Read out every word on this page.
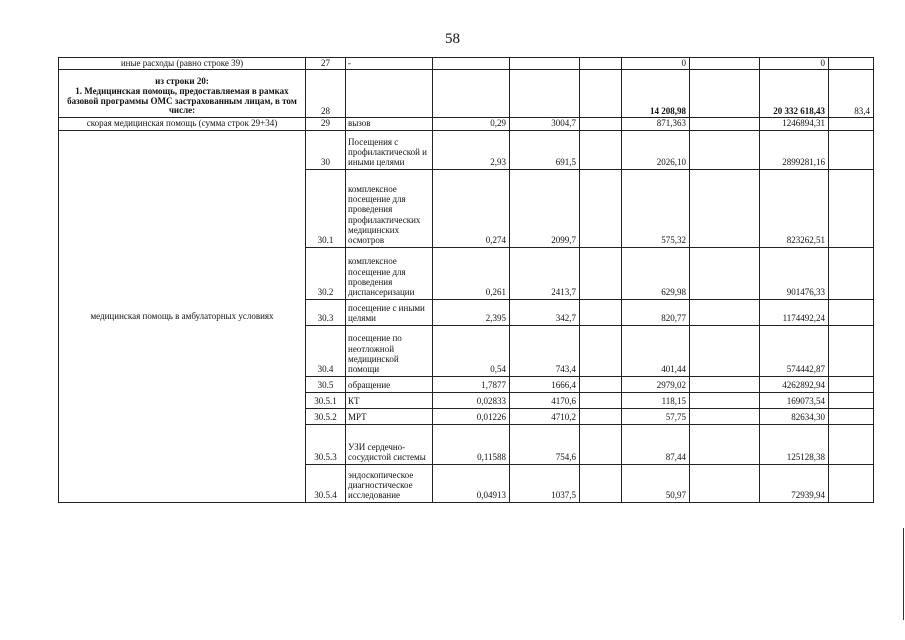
58
иные расходы (равно строке 39)	27	-				0		0	
из строки 20:
1. Медицинская помощь, предоставляемая в рамках базовой программы ОМС застрахованным лицам, в том числе:	28					14 208,98		20 332 618,43	83,4
скорая медицинская помощь (сумма строк 29+34)	29	вызов	0,29	3004,7		871,363		1246894,31	
медицинская помощь в амбулаторных условиях	30	Посещения с профилактической и иными целями	2,93	691,5		2026,10		2899281,16	
	30.1	комплексное посещение для проведения профилактических медицинских осмотров	0,274	2099,7		575,32		823262,51	
	30.2	комплексное посещение для проведения диспансеризации	0,261	2413,7		629,98		901476,33	
	30.3	посещение с иными целями	2,395	342,7		820,77		1174492,24	
	30.4	посещение по неотложной медицинской помощи	0,54	743,4		401,44		574442,87	
	30.5	обращение	1,7877	1666,4		2979,02		4262892,94	
	30.5.1	КТ	0,02833	4170,6		118,15		169073,54	
	30.5.2	МРТ	0,01226	4710,2		57,75		82634,30	
	30.5.3	УЗИ сердечно-сосудистой системы	0,11588	754,6		87,44		125128,38	
	30.5.4	эндоскопическое диагностическое исследование	0,04913	1037,5		50,97		72939,94	
